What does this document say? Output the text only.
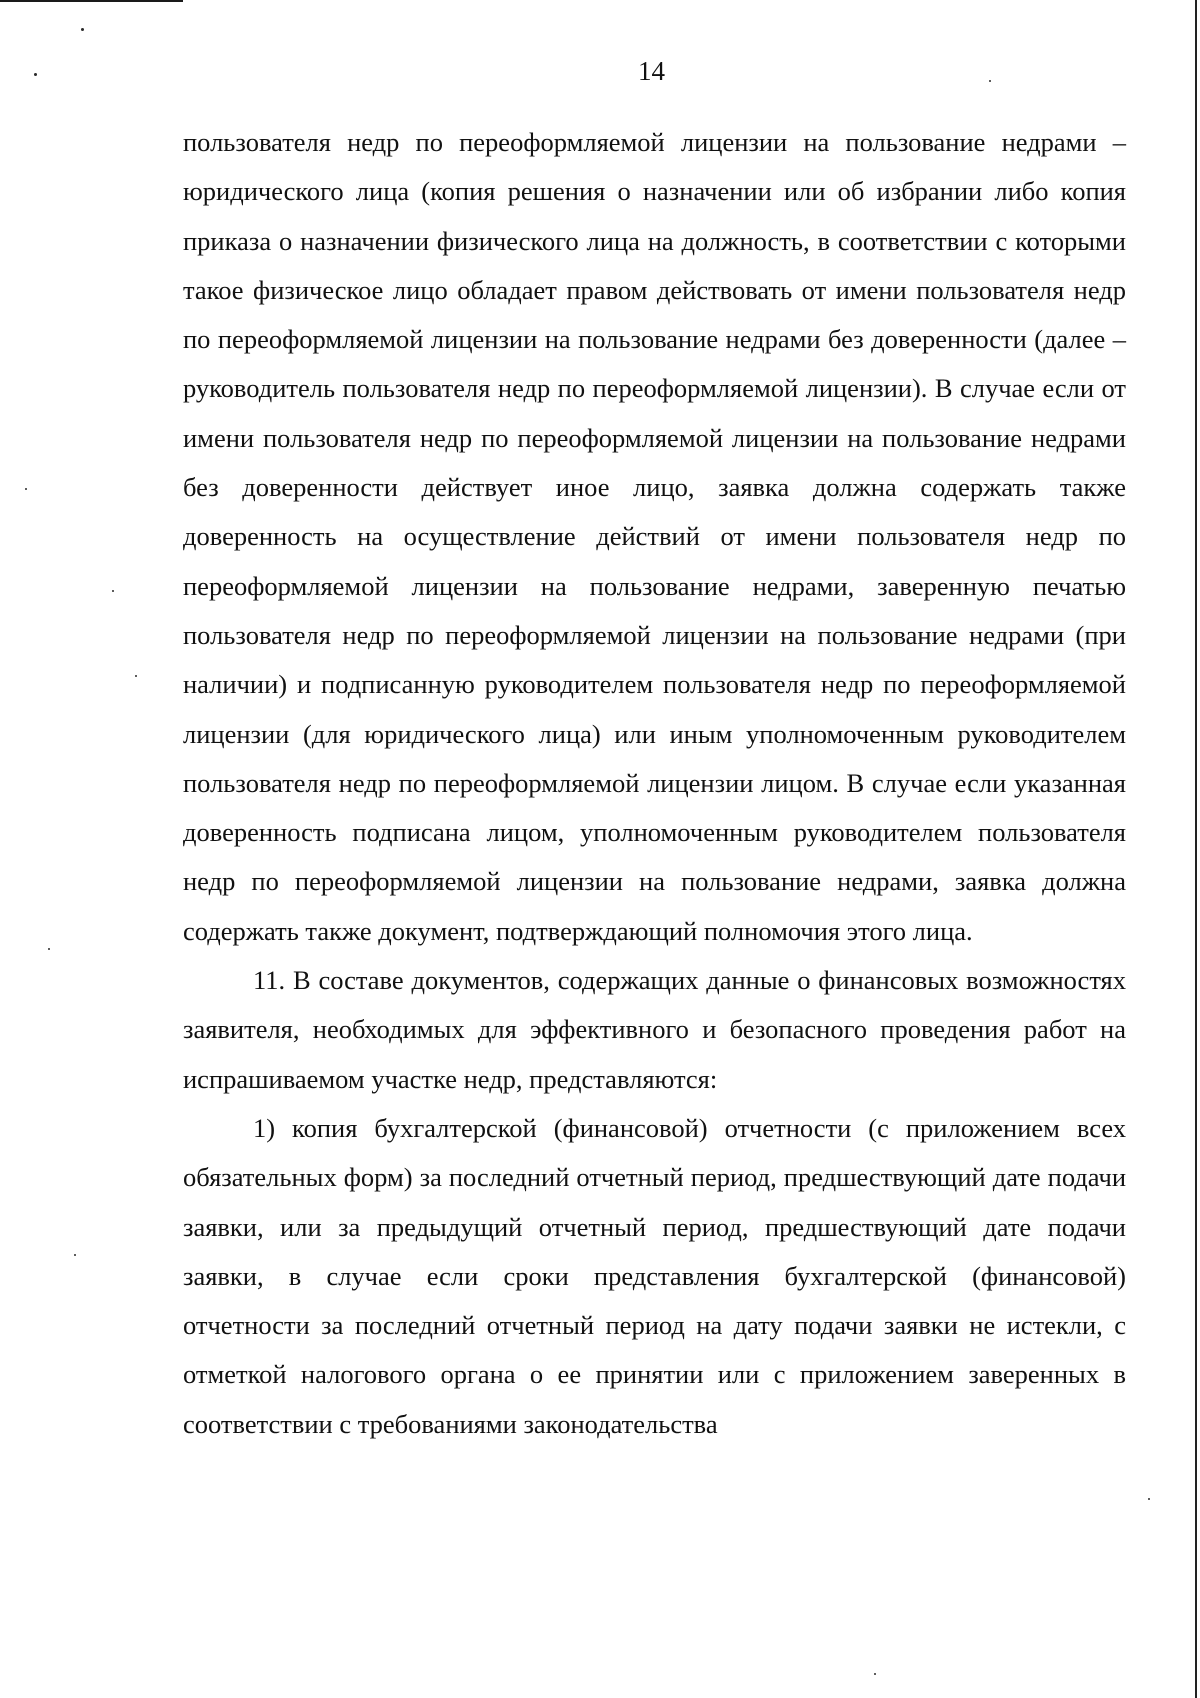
14

пользователя недр по переоформляемой лицензии на пользование недрами – юридического лица (копия решения о назначении или об избрании либо копия приказа о назначении физического лица на должность, в соответствии с которыми такое физическое лицо обладает правом действовать от имени пользователя недр по переоформляемой лицензии на пользование недрами без доверенности (далее – руководитель пользователя недр по переоформляемой лицензии). В случае если от имени пользователя недр по переоформляемой лицензии на пользование недрами без доверенности действует иное лицо, заявка должна содержать также доверенность на осуществление действий от имени пользователя недр по переоформляемой лицензии на пользование недрами, заверенную печатью пользователя недр по переоформляемой лицензии на пользование недрами (при наличии) и подписанную руководителем пользователя недр по переоформляемой лицензии (для юридического лица) или иным уполномоченным руководителем пользователя недр по переоформляемой лицензии лицом. В случае если указанная доверенность подписана лицом, уполномоченным руководителем пользователя недр по переоформляемой лицензии на пользование недрами, заявка должна содержать также документ, подтверждающий полномочия этого лица.

11. В составе документов, содержащих данные о финансовых возможностях заявителя, необходимых для эффективного и безопасного проведения работ на испрашиваемом участке недр, представляются:

1) копия бухгалтерской (финансовой) отчетности (с приложением всех обязательных форм) за последний отчетный период, предшествующий дате подачи заявки, или за предыдущий отчетный период, предшествующий дате подачи заявки, в случае если сроки представления бухгалтерской (финансовой) отчетности за последний отчетный период на дату подачи заявки не истекли, с отметкой налогового органа о ее принятии или с приложением заверенных в соответствии с требованиями законодательства
